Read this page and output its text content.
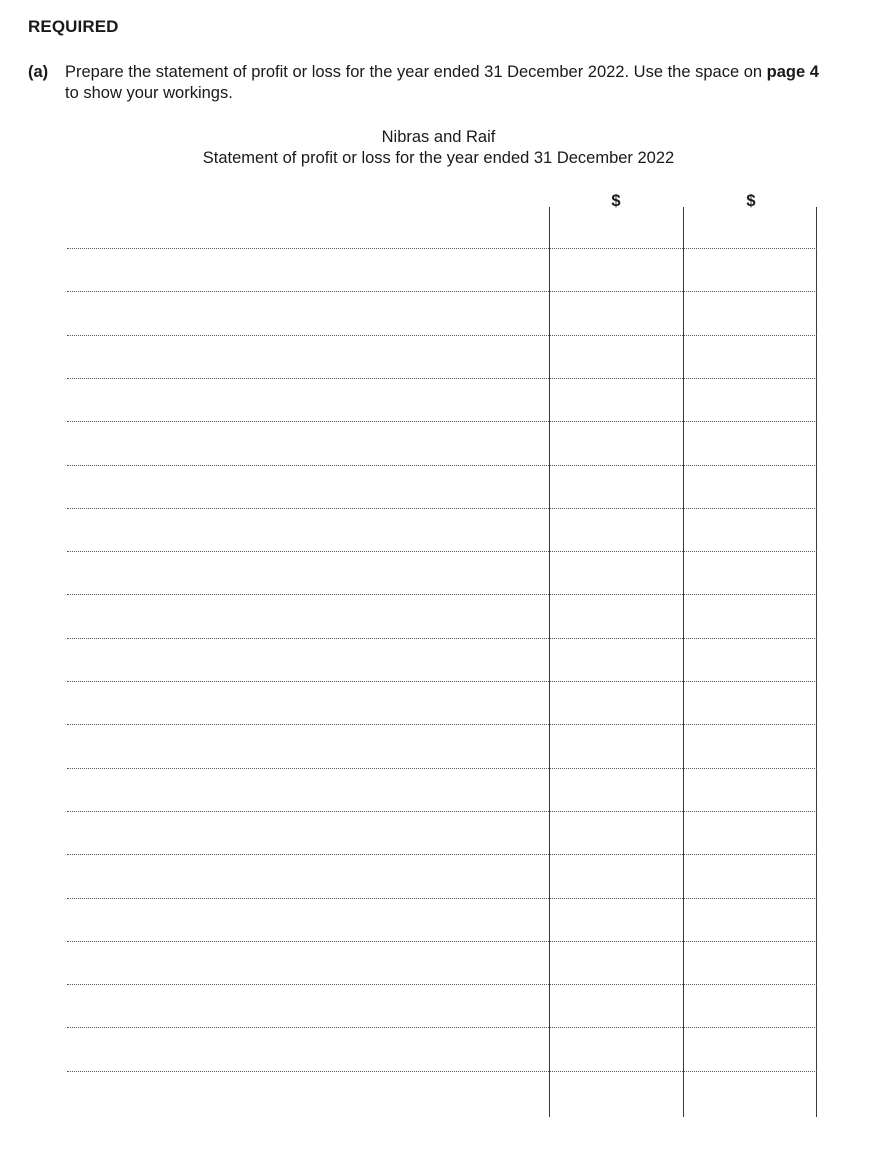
REQUIRED
(a) Prepare the statement of profit or loss for the year ended 31 December 2022. Use the space on page 4 to show your workings.
Nibras and Raif
Statement of profit or loss for the year ended 31 December 2022
$	$
